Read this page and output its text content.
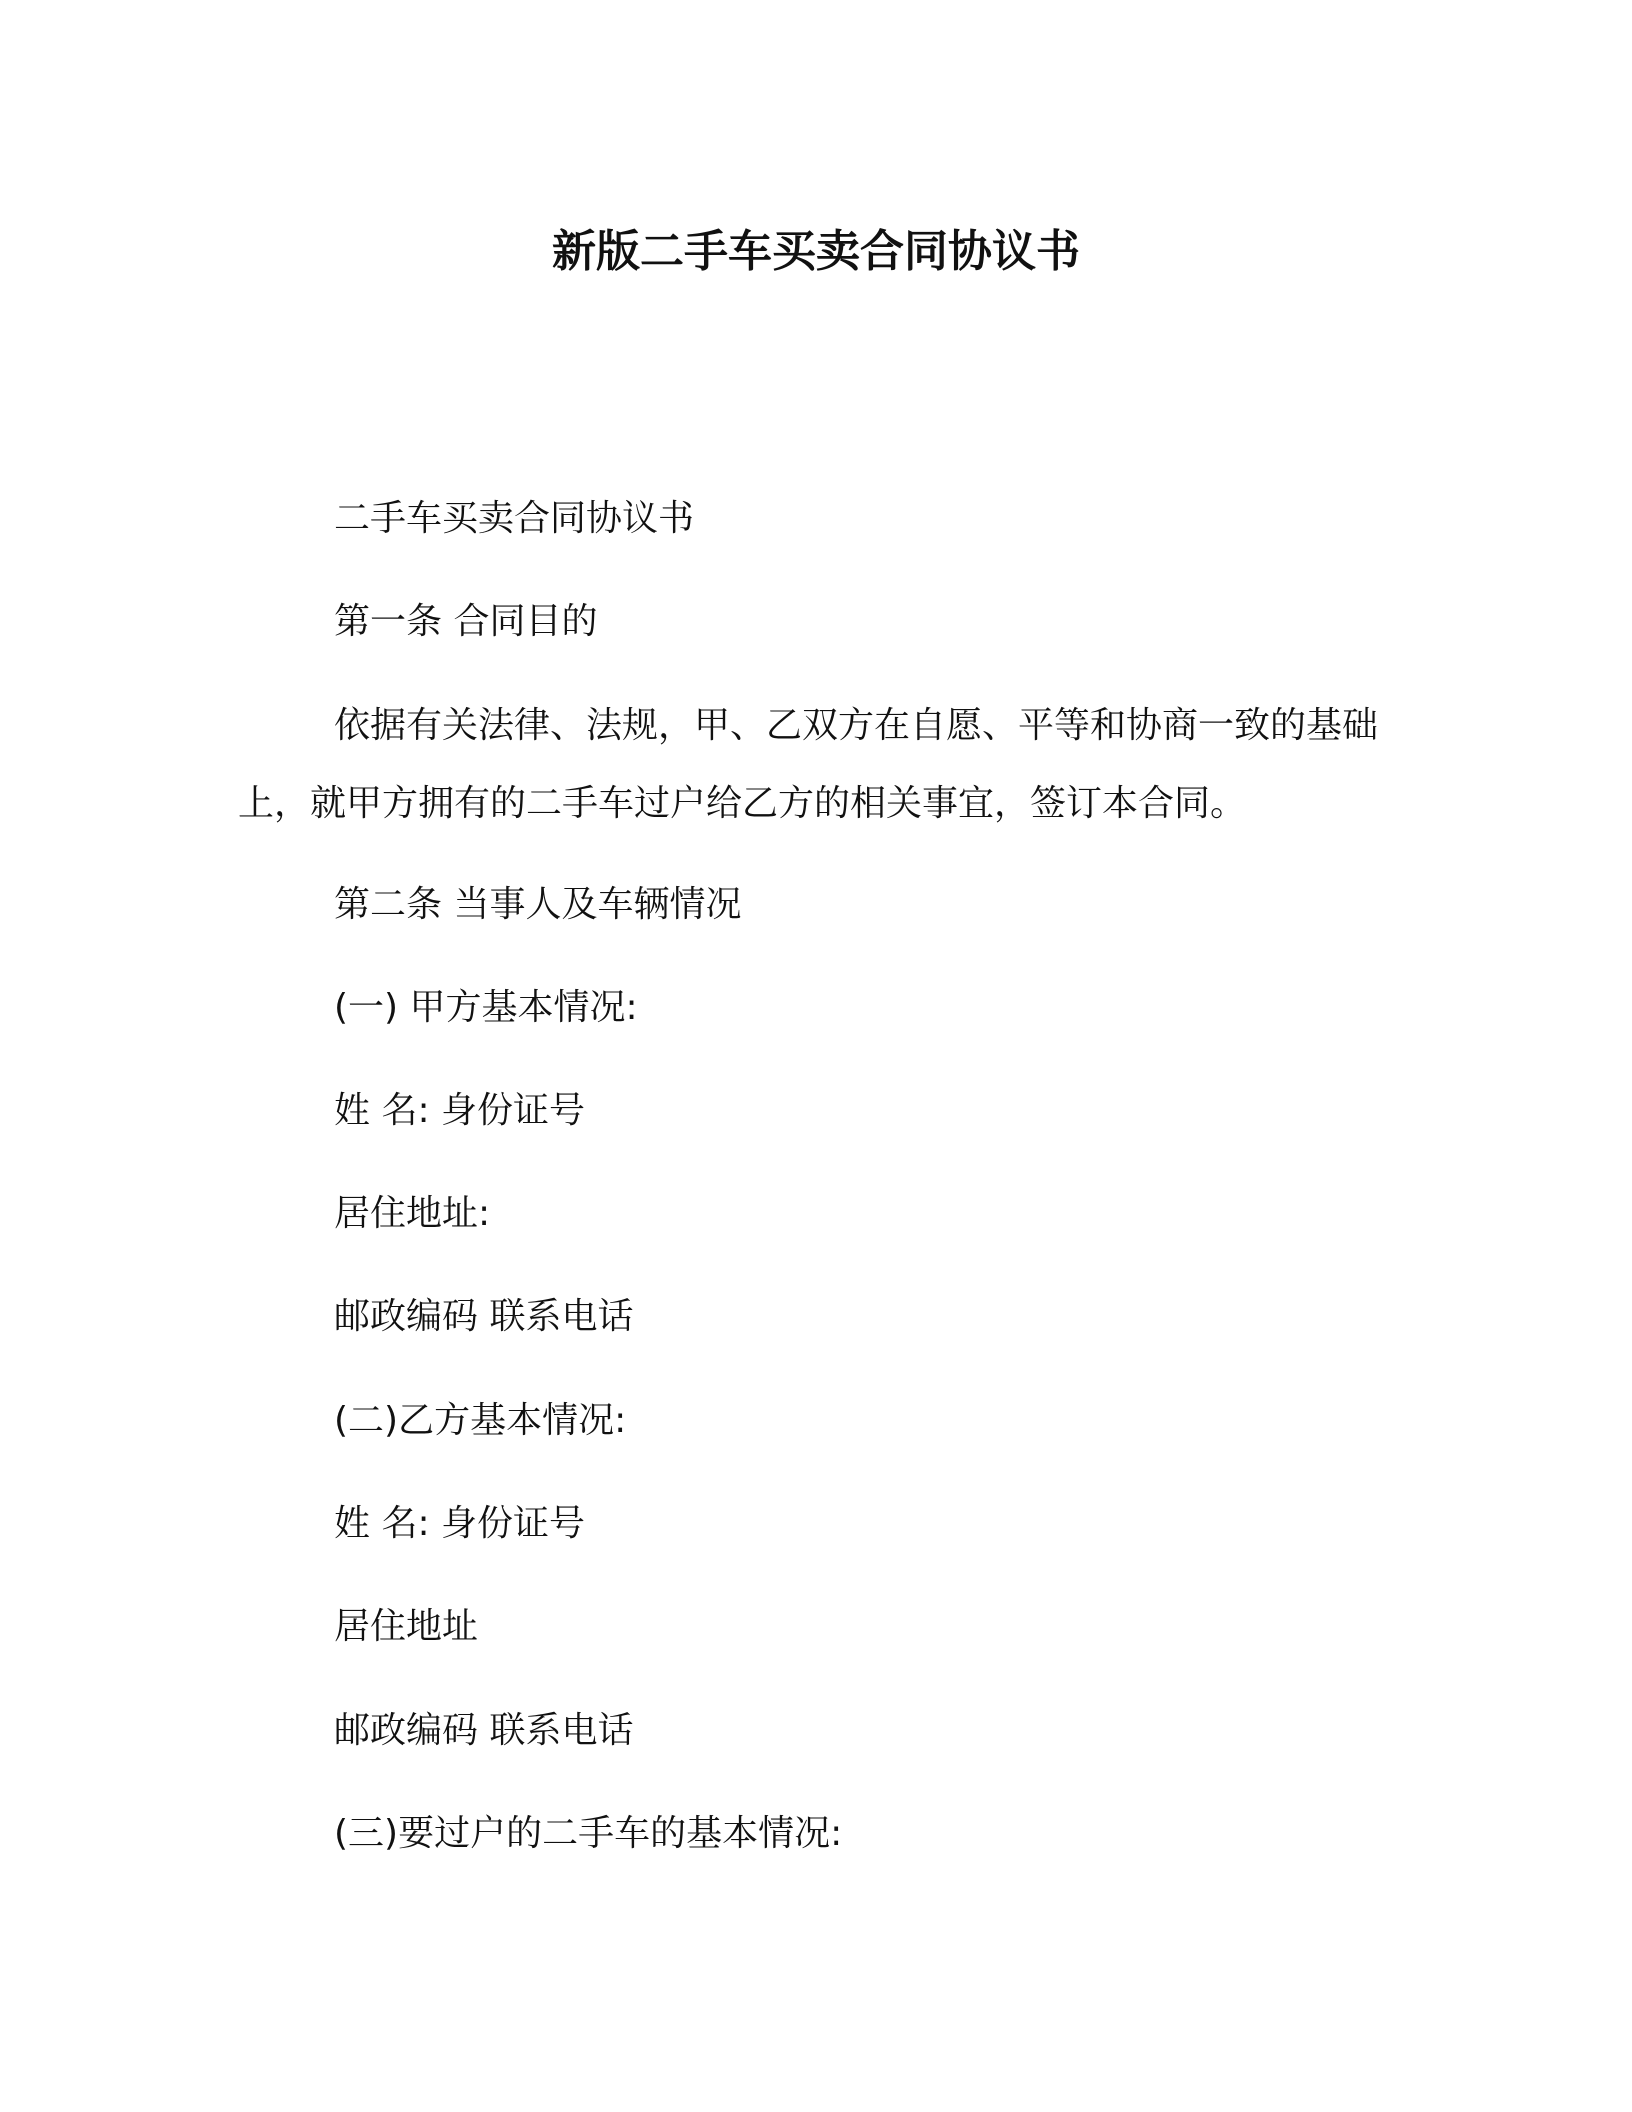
新版二手车买卖合同协议书
二手车买卖合同协议书
第一条 合同目的
依据有关法律、法规，甲、乙双方在自愿、平等和协商一致的基础上，就甲方拥有的二手车过户给乙方的相关事宜，签订本合同。
第二条 当事人及车辆情况
(一) 甲方基本情况:
姓 名: 身份证号
居住地址:
邮政编码 联系电话
(二)乙方基本情况:
姓 名: 身份证号
居住地址
邮政编码 联系电话
(三)要过户的二手车的基本情况:
